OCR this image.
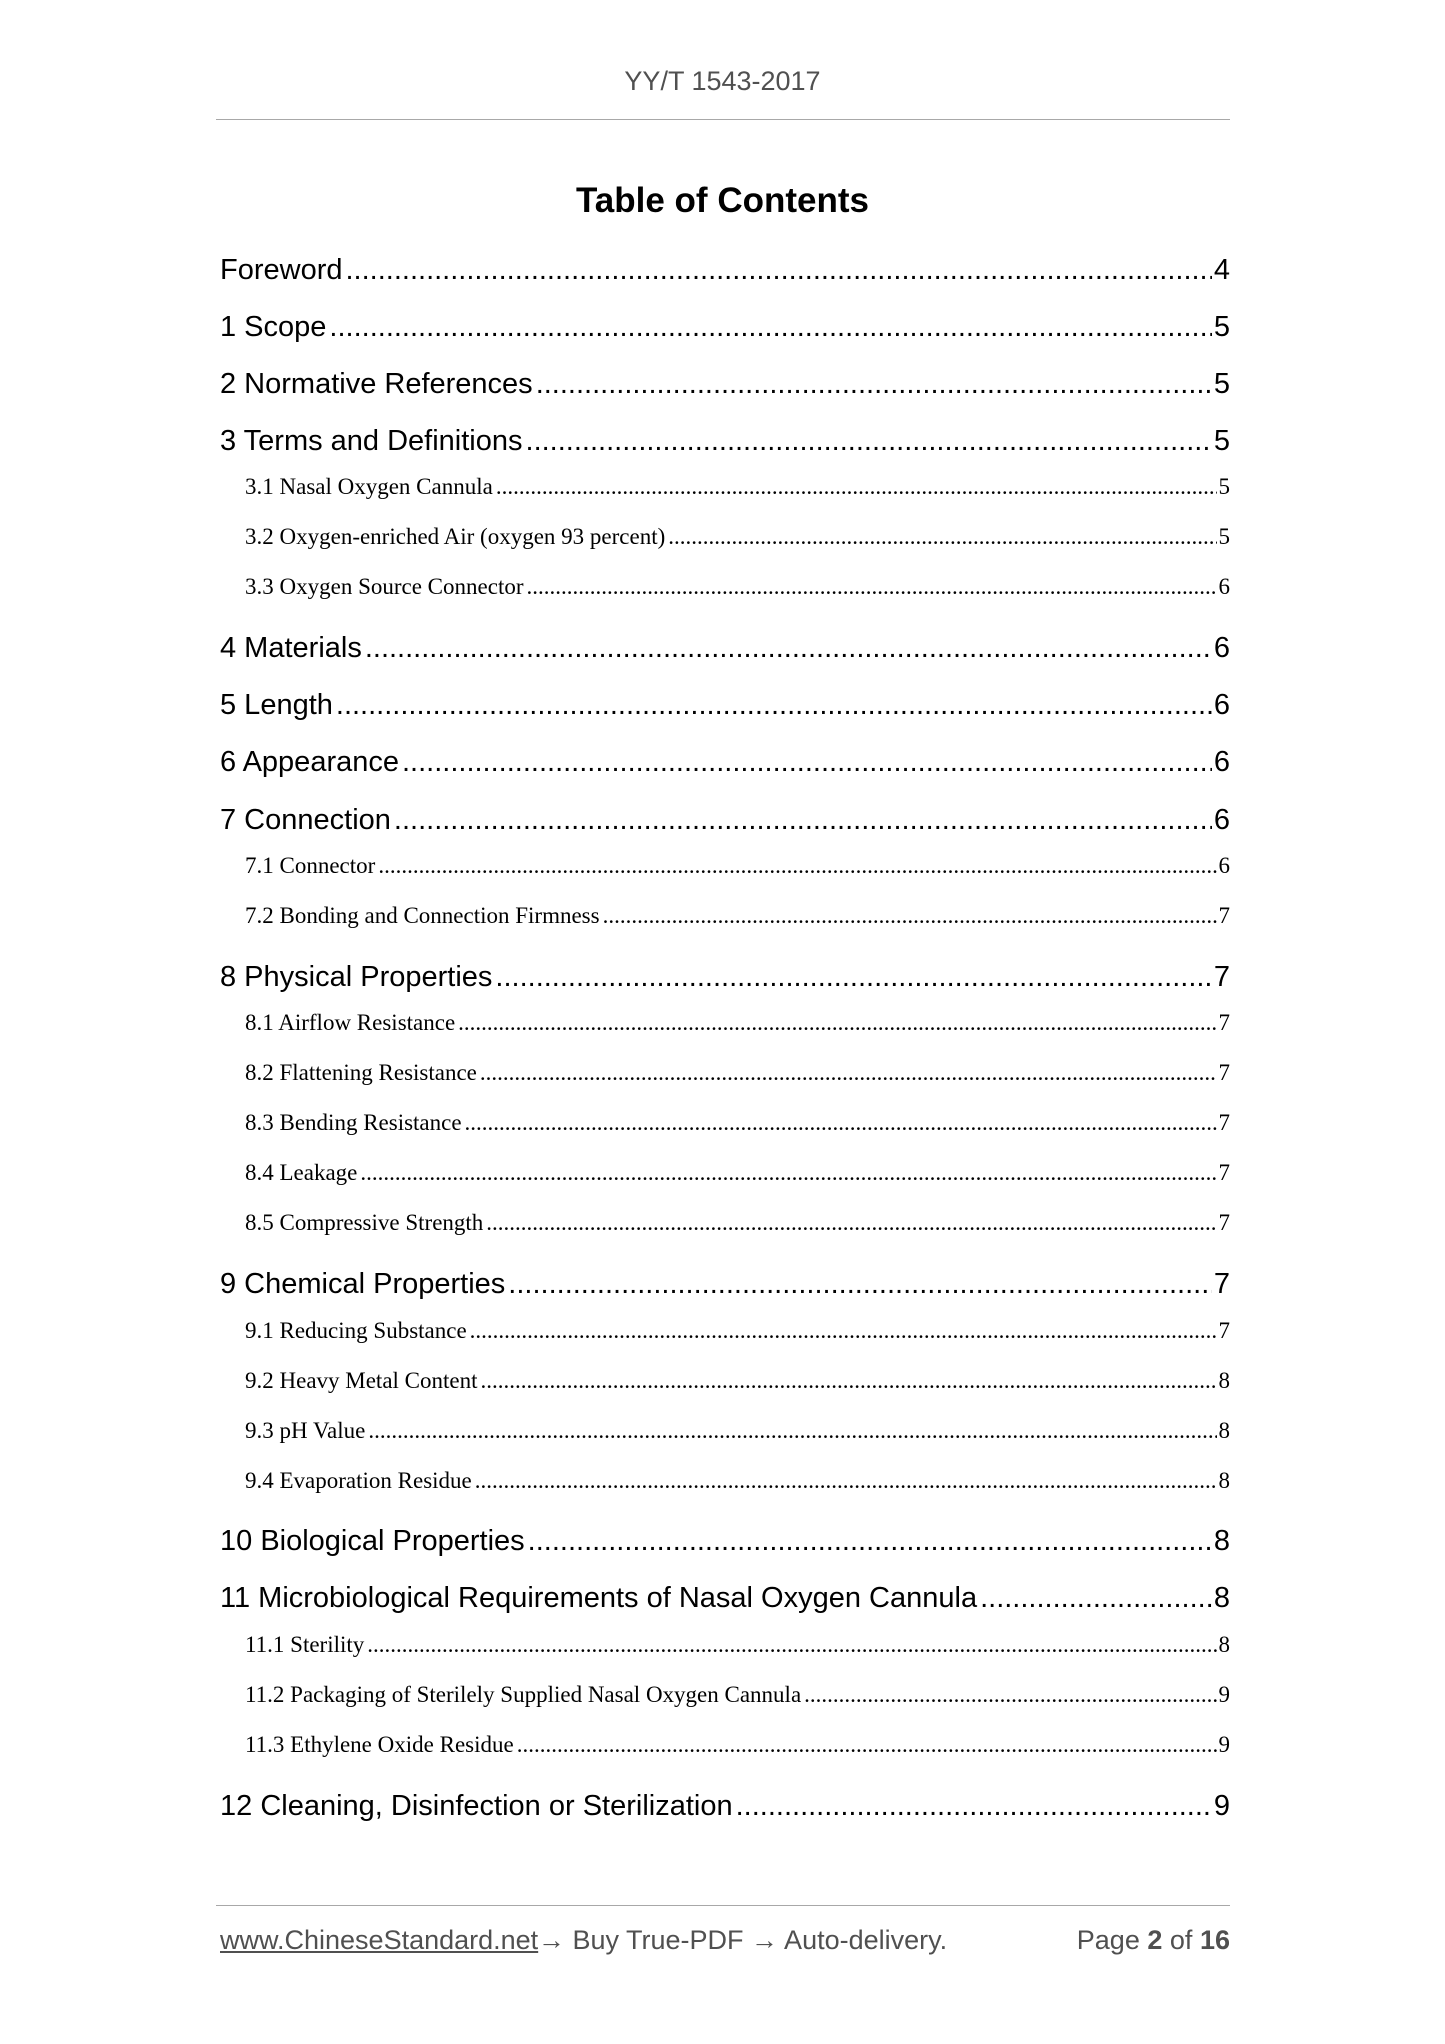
YY/T 1543-2017
Table of Contents
Foreword .....	4
1 Scope .....	5
2 Normative References .....	5
3 Terms and Definitions .....	5
3.1 Nasal Oxygen Cannula .....	5
3.2 Oxygen-enriched Air (oxygen 93 percent) .....	5
3.3 Oxygen Source Connector .....	6
4 Materials .....	6
5 Length .....	6
6 Appearance .....	6
7 Connection .....	6
7.1 Connector .....	6
7.2 Bonding and Connection Firmness .....	7
8 Physical Properties .....	7
8.1 Airflow Resistance .....	7
8.2 Flattening Resistance .....	7
8.3 Bending Resistance .....	7
8.4 Leakage .....	7
8.5 Compressive Strength .....	7
9 Chemical Properties .....	7
9.1 Reducing Substance .....	7
9.2 Heavy Metal Content .....	8
9.3 pH Value .....	8
9.4 Evaporation Residue .....	8
10 Biological Properties .....	8
11 Microbiological Requirements of Nasal Oxygen Cannula .....	8
11.1 Sterility .....	8
11.2 Packaging of Sterilely Supplied Nasal Oxygen Cannula .....	9
11.3 Ethylene Oxide Residue .....	9
12 Cleaning, Disinfection or Sterilization .....	9
www.ChineseStandard.net → Buy True-PDF → Auto-delivery.	Page 2 of 16
